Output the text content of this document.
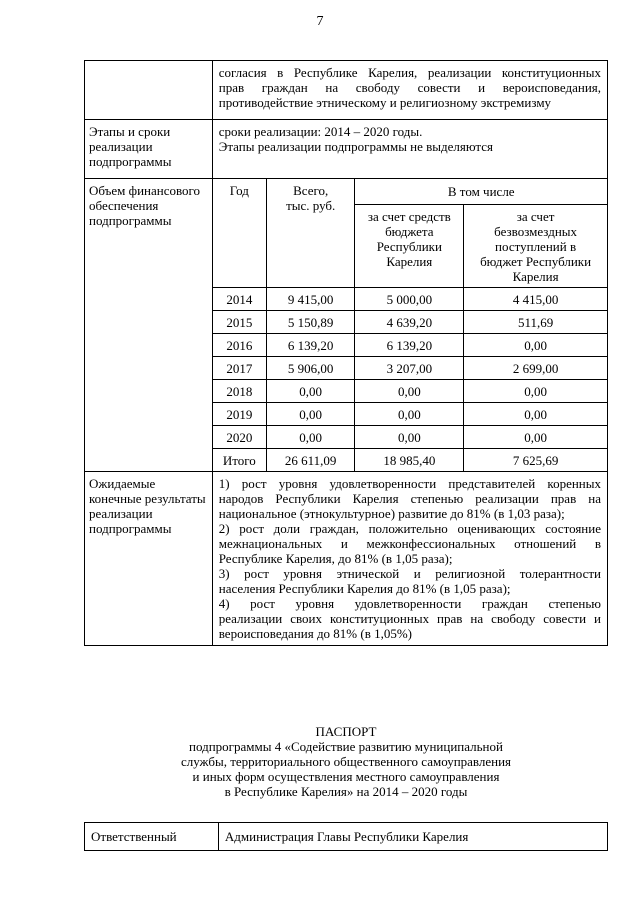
7

согласия в Республике Карелия, реализации конституционных
прав граждан на свободу совести и вероисповедания,
противодействие этническому и религиозному экстремизму

Этапы и сроки реализации подпрограммы	
сроки реализации: 2014 – 2020 годы.
Этапы реализации подпрограммы не выделяются

Объем финансового обеспечения подпрограммы	
Год	Всего, тыс. руб.	В том числе
за счет средств бюджета Республики Карелия	за счет безвозмездных поступлений в бюджет Республики Карелия
2014	9 415,00	5 000,00	4 415,00
2015	5 150,89	4 639,20	511,69
2016	6 139,20	6 139,20	0,00
2017	5 906,00	3 207,00	2 699,00
2018	0,00	0,00	0,00
2019	0,00	0,00	0,00
2020	0,00	0,00	0,00
Итого	26 611,09	18 985,40	7 625,69

Ожидаемые конечные результаты реализации подпрограммы	
1) рост уровня удовлетворенности представителей коренных
народов Республики Карелия степенью реализации прав на
национальное (этнокультурное) развитие до 81% (в 1,03 раза);
2) рост доли граждан, положительно оценивающих состояние
межнациональных и межконфессиональных отношений в
Республике Карелия, до 81% (в 1,05 раза);
3) рост уровня этнической и религиозной толерантности
населения Республики Карелия до 81% (в 1,05 раза);
4) рост уровня удовлетворенности граждан степенью
реализации своих конституционных прав на свободу совести и
вероисповедания до 81% (в 1,05%)
ПАСПОРТ
подпрограммы 4 «Содействие развитию муниципальной
службы, территориального общественного самоуправления
и иных форм осуществления местного самоуправления
в Республике Карелия» на 2014 – 2020 годы
Ответственный	Администрация Главы Республики Карелия
